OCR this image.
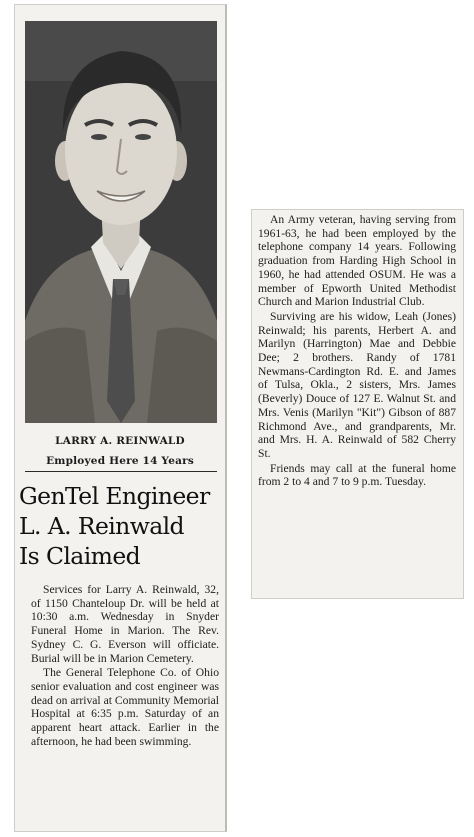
LARRY A. REINWALD
Employed Here 14 Years
GenTel Engineer
L. A. Reinwald
Is Claimed

Services for Larry A. Reinwald, 32, of 1150 Chanteloup Dr. will be held at 10:30 a.m. Wednesday in Snyder Funeral Home in Marion. The Rev. Sydney C. G. Everson will officiate. Burial will be in Marion Cemetery.

The General Telephone Co. of Ohio senior evaluation and cost engineer was dead on arrival at Community Memorial Hospital at 6:35 p.m. Saturday of an apparent heart attack. Earlier in the afternoon, he had been swimming.

An Army veteran, having serving from 1961-63, he had been employed by the telephone company 14 years. Following graduation from Harding High School in 1960, he had attended OSUM. He was a member of Epworth United Methodist Church and Marion Industrial Club.

Surviving are his widow, Leah (Jones) Reinwald; his parents, Herbert A. and Marilyn (Harrington) Mae and Debbie Dee; 2 brothers. Randy of 1781 Newmans-Cardington Rd. E. and James of Tulsa, Okla., 2 sisters, Mrs. James (Beverly) Douce of 127 E. Walnut St. and Mrs. Venis (Marilyn "Kit") Gibson of 887 Richmond Ave., and grandparents, Mr. and Mrs. H. A. Reinwald of 582 Cherry St.

Friends may call at the funeral home from 2 to 4 and 7 to 9 p.m. Tuesday.
